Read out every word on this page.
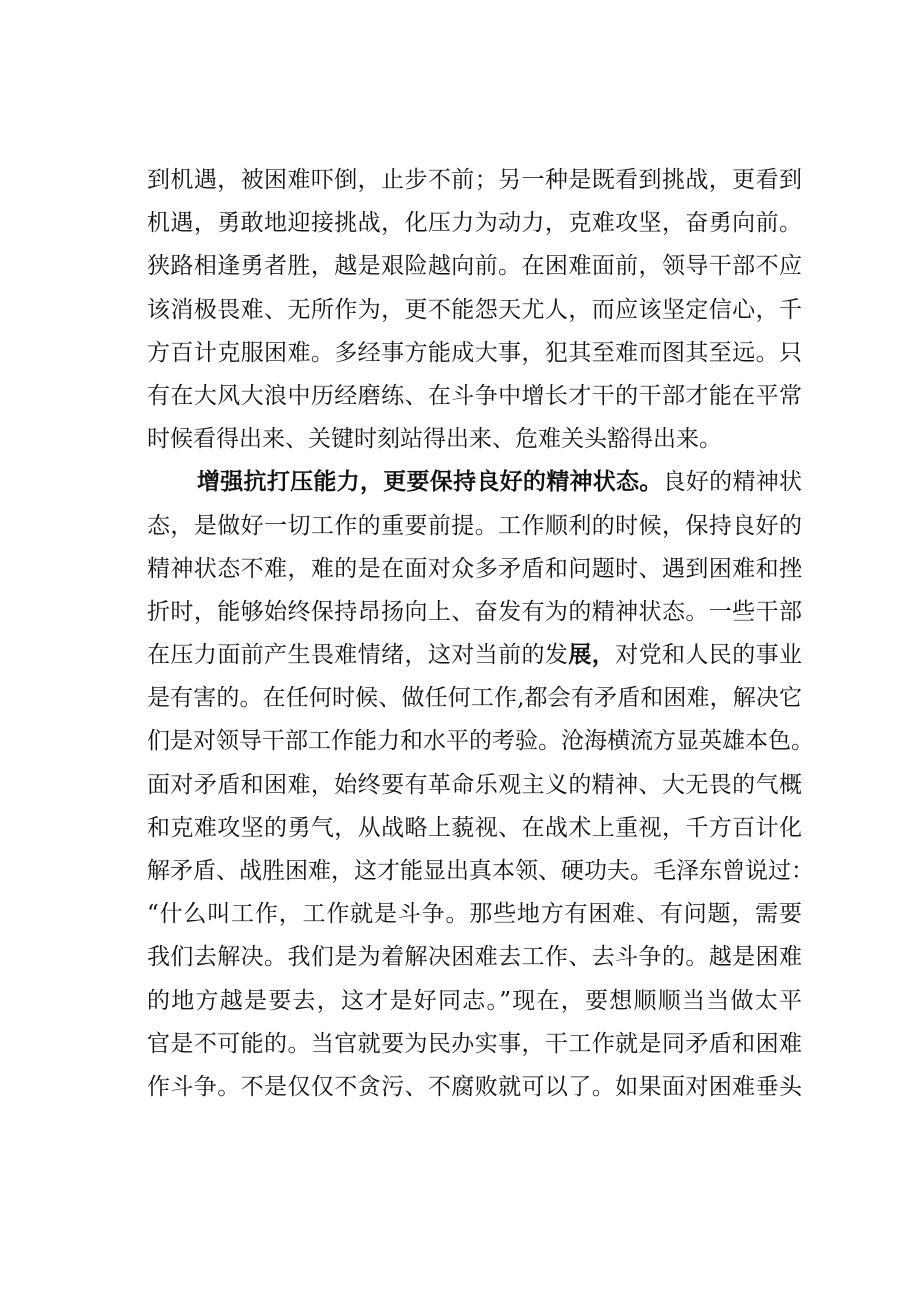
到机遇，被困难吓倒，止步不前；另一种是既看到挑战，更看到
机遇，勇敢地迎接挑战，化压力为动力，克难攻坚，奋勇向前。
狭路相逢勇者胜，越是艰险越向前。在困难面前，领导干部不应
该消极畏难、无所作为，更不能怨天尤人，而应该坚定信心，千
方百计克服困难。多经事方能成大事，犯其至难而图其至远。只
有在大风大浪中历经磨练、在斗争中增长才干的干部才能在平常
时候看得出来、关键时刻站得出来、危难关头豁得出来。
增强抗打压能力，更要保持良好的精神状态。良好的精神状
态，是做好一切工作的重要前提。工作顺利的时候，保持良好的
精神状态不难，难的是在面对众多矛盾和问题时、遇到困难和挫
折时，能够始终保持昂扬向上、奋发有为的精神状态。一些干部
在压力面前产生畏难情绪，这对当前的发展，对党和人民的事业
是有害的。在任何时候、做任何工作,都会有矛盾和困难，解决它
们是对领导干部工作能力和水平的考验。沧海横流方显英雄本色。
面对矛盾和困难，始终要有革命乐观主义的精神、大无畏的气概
和克难攻坚的勇气，从战略上藐视、在战术上重视，千方百计化
解矛盾、战胜困难，这才能显出真本领、硬功夫。毛泽东曾说过：
“什么叫工作，工作就是斗争。那些地方有困难、有问题，需要
我们去解决。我们是为着解决困难去工作、去斗争的。越是困难
的地方越是要去，这才是好同志。”现在，要想顺顺当当做太平
官是不可能的。当官就要为民办实事，干工作就是同矛盾和困难
作斗争。不是仅仅不贪污、不腐败就可以了。如果面对困难垂头
